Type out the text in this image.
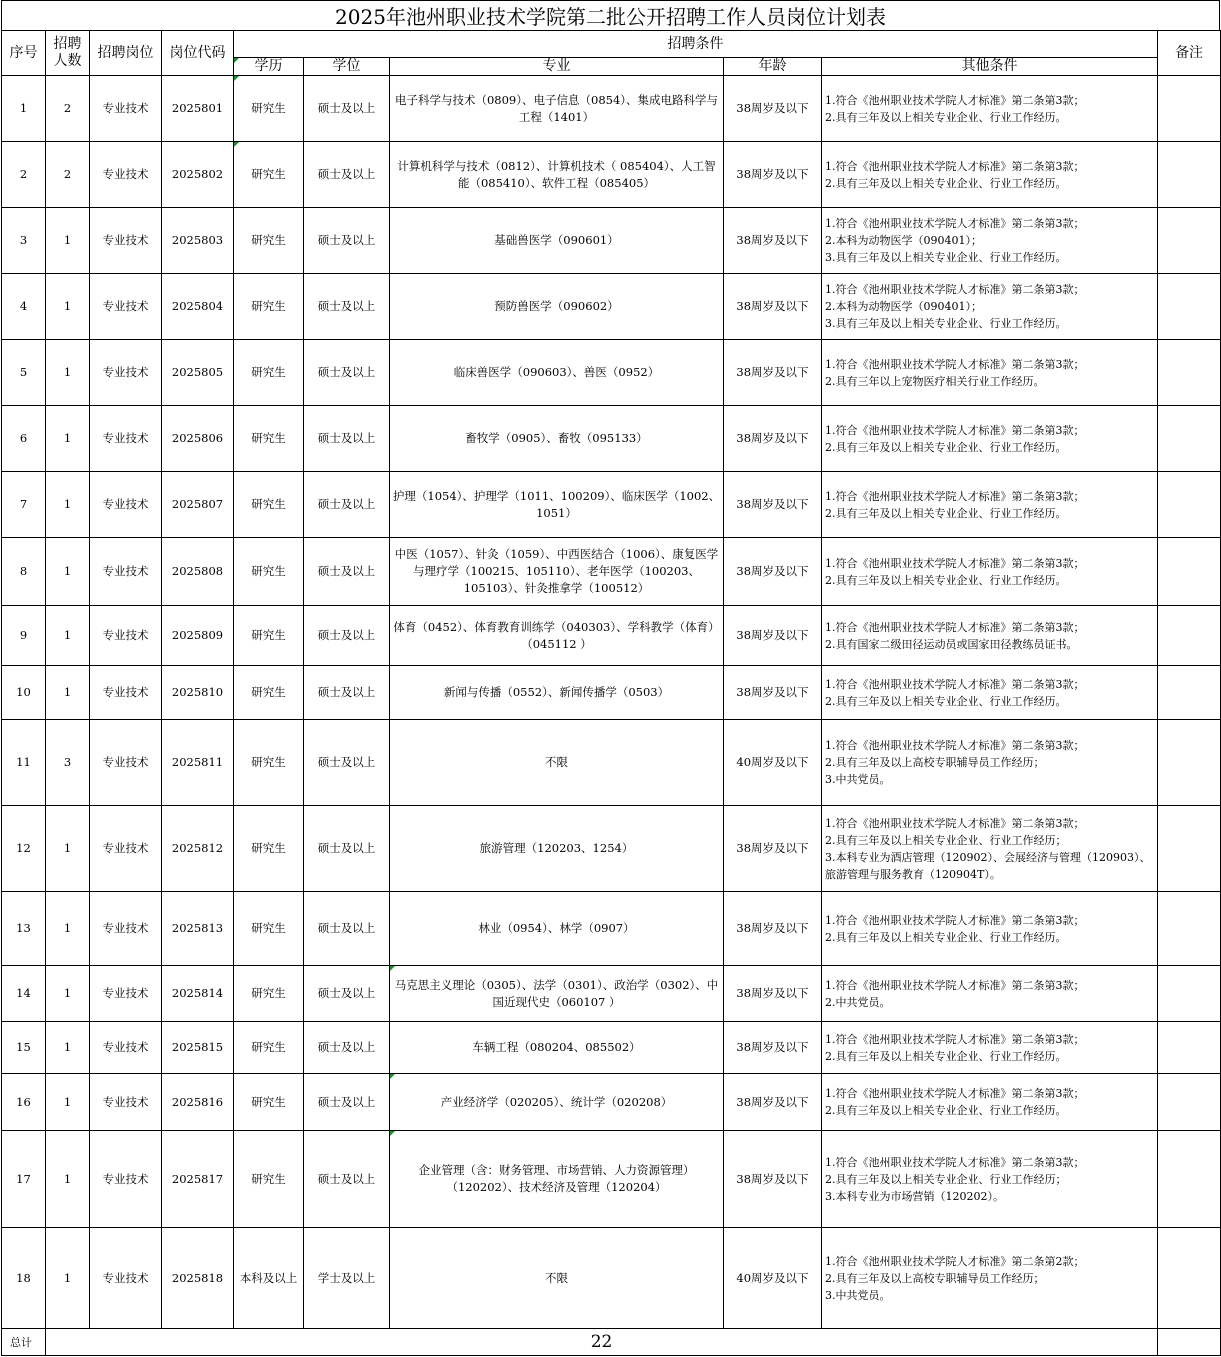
2025年池州职业技术学院第二批公开招聘工作人员岗位计划表
序号	招聘人数	招聘岗位	岗位代码	招聘条件					备注
				学历	学位	专业	年龄	其他条件	
1	2	专业技术	2025801	研究生	硕士及以上	电子科学与技术（0809）、电子信息（0854）、集成电路科学与工程（1401）	38周岁及以下	1.符合《池州职业技术学院人才标准》第二条第3款；
2.具有三年及以上相关专业企业、行业工作经历。	

2	2	专业技术	2025802	研究生	硕士及以上	计算机科学与技术（0812）、计算机技术（ 085404）、人工智能（085410）、软件工程（085405）	38周岁及以下	1.符合《池州职业技术学院人才标准》第二条第3款；
2.具有三年及以上相关专业企业、行业工作经历。	

3	1	专业技术	2025803	研究生	硕士及以上	基础兽医学（090601）	38周岁及以下	1.符合《池州职业技术学院人才标准》第二条第3款；
2.本科为动物医学（090401）；
3.具有三年及以上相关专业企业、行业工作经历。	

4	1	专业技术	2025804	研究生	硕士及以上	预防兽医学（090602）	38周岁及以下	1.符合《池州职业技术学院人才标准》第二条第3款；
2.本科为动物医学（090401）；
3.具有三年及以上相关专业企业、行业工作经历。	

5	1	专业技术	2025805	研究生	硕士及以上	临床兽医学（090603）、兽医（0952）	38周岁及以下	1.符合《池州职业技术学院人才标准》第二条第3款；
2.具有三年以上宠物医疗相关行业工作经历。	

6	1	专业技术	2025806	研究生	硕士及以上	畜牧学（0905）、畜牧（095133）	38周岁及以下	1.符合《池州职业技术学院人才标准》第二条第3款；
2.具有三年及以上相关专业企业、行业工作经历。	

7	1	专业技术	2025807	研究生	硕士及以上	护理（1054）、护理学（1011、100209）、临床医学（1002、1051）	38周岁及以下	1.符合《池州职业技术学院人才标准》第二条第3款；
2.具有三年及以上相关专业企业、行业工作经历。	

8	1	专业技术	2025808	研究生	硕士及以上	中医（1057）、针灸（1059）、中西医结合（1006）、康复医学与理疗学（100215、105110）、老年医学（100203、105103）、针灸推拿学（100512）	38周岁及以下	1.符合《池州职业技术学院人才标准》第二条第3款；
2.具有三年及以上相关专业企业、行业工作经历。	

9	1	专业技术	2025809	研究生	硕士及以上	体育（0452）、体育教育训练学（040303）、学科教学（体育）（045112 ）	38周岁及以下	1.符合《池州职业技术学院人才标准》第二条第3款；
2.具有国家二级田径运动员或国家田径教练员证书。	

10	1	专业技术	2025810	研究生	硕士及以上	新闻与传播（0552）、新闻传播学（0503）	38周岁及以下	1.符合《池州职业技术学院人才标准》第二条第3款；
2.具有三年及以上相关专业企业、行业工作经历。	

11	3	专业技术	2025811	研究生	硕士及以上	不限	40周岁及以下	1.符合《池州职业技术学院人才标准》第二条第3款；
2.具有三年及以上高校专职辅导员工作经历；
3.中共党员。	

12	1	专业技术	2025812	研究生	硕士及以上	旅游管理（120203、1254）	38周岁及以下	1.符合《池州职业技术学院人才标准》第二条第3款；
2.具有三年及以上相关专业企业、行业工作经历；
3.本科专业为酒店管理（120902）、会展经济与管理（120903）、旅游管理与服务教育（120904T）。	

13	1	专业技术	2025813	研究生	硕士及以上	林业（0954）、林学（0907）	38周岁及以下	1.符合《池州职业技术学院人才标准》第二条第3款；
2.具有三年及以上相关专业企业、行业工作经历。	

14	1	专业技术	2025814	研究生	硕士及以上	马克思主义理论（0305）、法学（0301）、政治学（0302）、中国近现代史（060107 ）	38周岁及以下	1.符合《池州职业技术学院人才标准》第二条第3款；
2.中共党员。	

15	1	专业技术	2025815	研究生	硕士及以上	车辆工程（080204、085502）	38周岁及以下	1.符合《池州职业技术学院人才标准》第二条第3款；
2.具有三年及以上相关专业企业、行业工作经历。	

16	1	专业技术	2025816	研究生	硕士及以上	产业经济学（020205）、统计学（020208）	38周岁及以下	1.符合《池州职业技术学院人才标准》第二条第3款；
2.具有三年及以上相关专业企业、行业工作经历。	

17	1	专业技术	2025817	研究生	硕士及以上	企业管理（含：财务管理、市场营销、人力资源管理）（120202）、技术经济及管理（120204）	38周岁及以下	1.符合《池州职业技术学院人才标准》第二条第3款；
2.具有三年及以上相关专业企业、行业工作经历；
3.本科专业为市场营销（120202）。	

18	1	专业技术	2025818	本科及以上	学士及以上	不限	40周岁及以下	1.符合《池州职业技术学院人才标准》第二条第2款；
2.具有三年及以上高校专职辅导员工作经历；
3.中共党员。	

总计	22								
